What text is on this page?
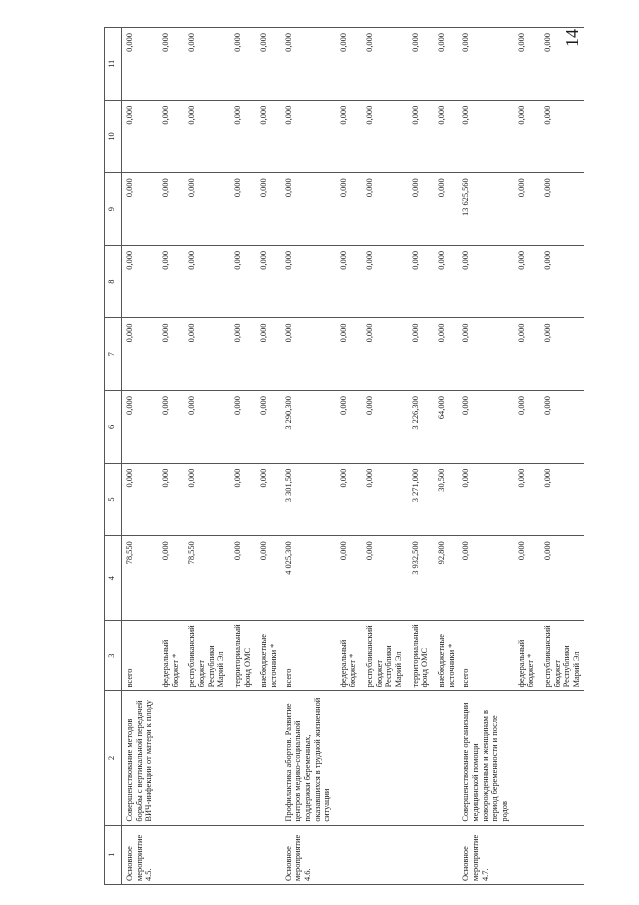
14
1	2	3	4	5	6	7	8	9	10	11
Основное мероприятие 4.5.	Совершенствование методов борьбы с вертикальной передачей ВИЧ-инфекции от матери к плоду	всего	78,550	0,000	0,000	0,000	0,000	0,000	0,000	0,000
		федеральный бюджет *	0,000	0,000	0,000	0,000	0,000	0,000	0,000	0,000
		республиканский бюджет Республики Марий Эл	78,550	0,000	0,000	0,000	0,000	0,000	0,000	0,000
		территориальный фонд ОМС	0,000	0,000	0,000	0,000	0,000	0,000	0,000	0,000
		внебюджетные источники *	0,000	0,000	0,000	0,000	0,000	0,000	0,000	0,000
Основное мероприятие 4.6.	Профилактика абортов. Развитие центров медико-социальной поддержки беременных, оказавшихся в трудной жизненной ситуации	всего	4 025,300	3 301,500	3 290,300	0,000	0,000	0,000	0,000	0,000
		федеральный бюджет *	0,000	0,000	0,000	0,000	0,000	0,000	0,000	0,000
		республиканский бюджет Республики Марий Эл	0,000	0,000	0,000	0,000	0,000	0,000	0,000	0,000
		территориальный фонд ОМС	3 932,500	3 271,000	3 226,300	0,000	0,000	0,000	0,000	0,000
		внебюджетные источники *	92,800	30,500	64,000	0,000	0,000	0,000	0,000	0,000
Основное мероприятие 4.7.	Совершенствование организации медицинской помощи новорожденным и женщинам в период беременности и после родов	всего	0,000	0,000	0,000	0,000	0,000	13 625,560	0,000	0,000
		федеральный бюджет *	0,000	0,000	0,000	0,000	0,000	0,000	0,000	0,000
		республиканский бюджет Республики Марий Эл	0,000	0,000	0,000	0,000	0,000	0,000	0,000	0,000
